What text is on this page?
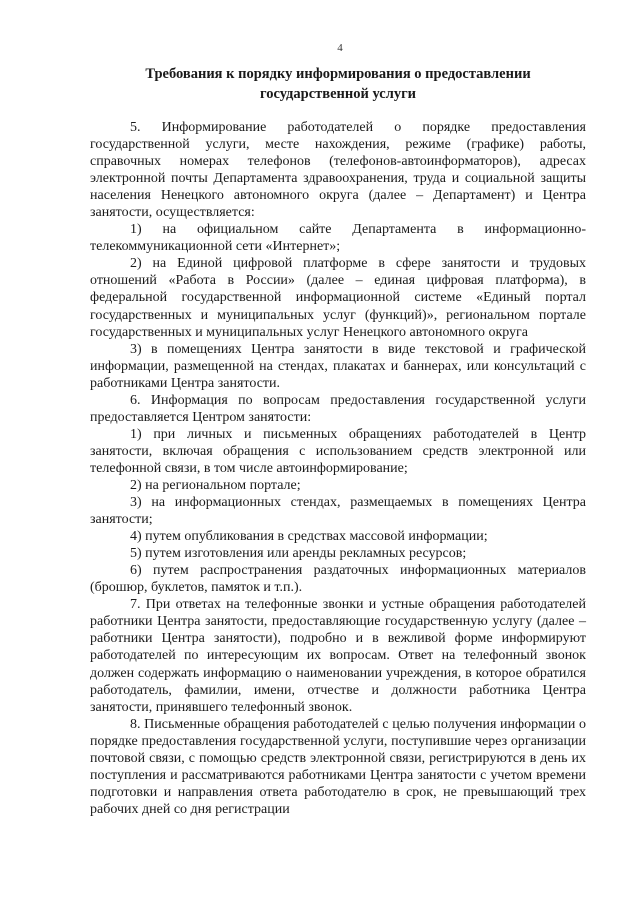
4
Требования к порядку информирования о предоставлении
государственной услуги

5. Информирование работодателей о порядке предоставления государственной услуги, месте нахождения, режиме (графике) работы, справочных номерах телефонов (телефонов-автоинформаторов), адресах электронной почты Департамента здравоохранения, труда и социальной защиты населения Ненецкого автономного округа (далее – Департамент) и Центра занятости, осуществляется:

1) на официальном сайте Департамента в информационно-телекоммуникационной сети «Интернет»;

2) на Единой цифровой платформе в сфере занятости и трудовых отношений «Работа в России» (далее – единая цифровая платформа), в федеральной государственной информационной системе «Единый портал государственных и муниципальных услуг (функций)», региональном портале государственных и муниципальных услуг Ненецкого автономного округа

3) в помещениях Центра занятости в виде текстовой и графической информации, размещенной на стендах, плакатах и баннерах, или консультаций с работниками Центра занятости.

6. Информация по вопросам предоставления государственной услуги предоставляется Центром занятости:

1) при личных и письменных обращениях работодателей в Центр занятости, включая обращения с использованием средств электронной или телефонной связи, в том числе автоинформирование;

2) на региональном портале;

3) на информационных стендах, размещаемых в помещениях Центра занятости;

4) путем опубликования в средствах массовой информации;

5) путем изготовления или аренды рекламных ресурсов;

6) путем распространения раздаточных информационных материалов (брошюр, буклетов, памяток и т.п.).

7. При ответах на телефонные звонки и устные обращения работодателей работники Центра занятости, предоставляющие государственную услугу (далее – работники Центра занятости), подробно и в вежливой форме информируют работодателей по интересующим их вопросам. Ответ на телефонный звонок должен содержать информацию о наименовании учреждения, в которое обратился работодатель, фамилии, имени, отчестве и должности работника Центра занятости, принявшего телефонный звонок.

8. Письменные обращения работодателей с целью получения информации о порядке предоставления государственной услуги, поступившие через организации почтовой связи, с помощью средств электронной связи, регистрируются в день их поступления и рассматриваются работниками Центра занятости с учетом времени подготовки и направления ответа работодателю в срок, не превышающий трех рабочих дней со дня регистрации
